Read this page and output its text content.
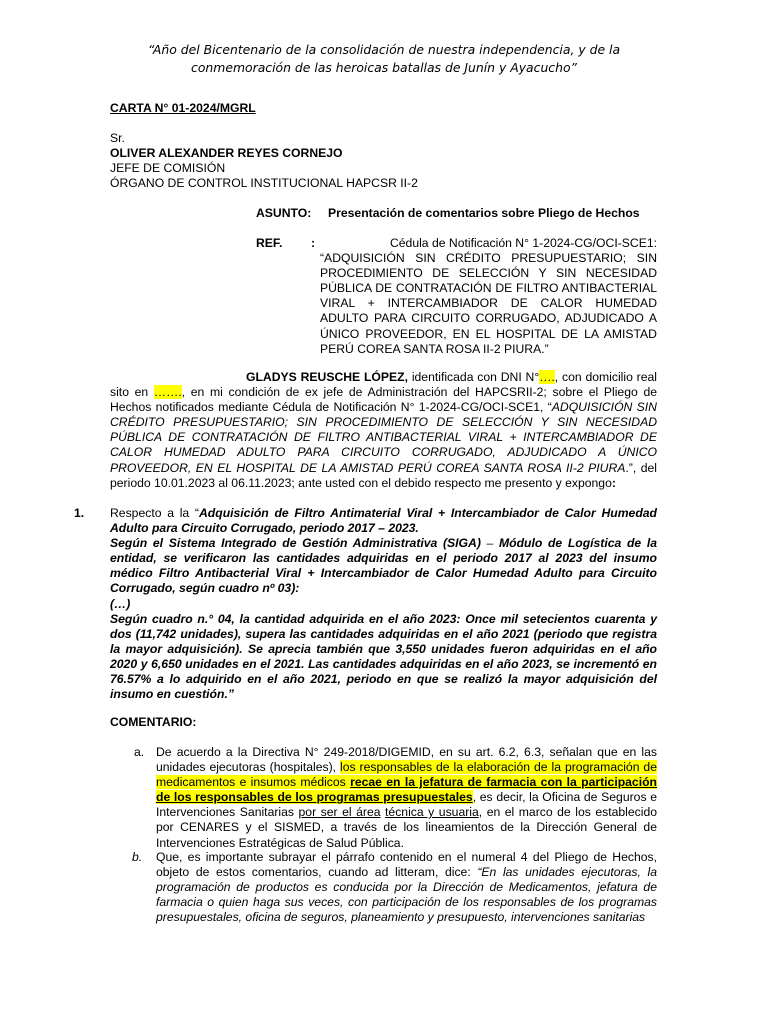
“Año del Bicentenario de la consolidación de nuestra independencia, y de la conmemoración de las heroicas batallas de Junín y Ayacucho”
CARTA N° 01-2024/MGRL
Sr.
OLIVER ALEXANDER REYES CORNEJO
JEFE DE COMISIÓN
ÓRGANO DE CONTROL INSTITUCIONAL HAPCSR II-2
ASUNTO: Presentación de comentarios sobre Pliego de Hechos
REF. :	Cédula de Notificación N° 1-2024-CG/OCI-SCE1:
“ADQUISICIÓN SIN CRÉDITO PRESUPUESTARIO; SIN
PROCEDIMIENTO DE SELECCIÓN Y SIN NECESIDAD
PÚBLICA DE CONTRATACIÓN DE FILTRO ANTIBACTERIAL
VIRAL + INTERCAMBIADOR DE CALOR HUMEDAD
ADULTO PARA CIRCUITO CORRUGADO, ADJUDICADO A
ÚNICO PROVEEDOR, EN EL HOSPITAL DE LA AMISTAD
PERÚ COREA SANTA ROSA II-2 PIURA.”

GLADYS REUSCHE LÓPEZ, identificada con DNI N°…., con domicilio real sito en ……., en mi condición de ex jefe de Administración del HAPCSRII-2; sobre el Pliego de Hechos notificados mediante Cédula de Notificación N° 1-2024-CG/OCI-SCE1, “ADQUISICIÓN SIN CRÉDITO PRESUPUESTARIO; SIN PROCEDIMIENTO DE SELECCIÓN Y SIN NECESIDAD PÚBLICA DE CONTRATACIÓN DE FILTRO ANTIBACTERIAL VIRAL + INTERCAMBIADOR DE CALOR HUMEDAD ADULTO PARA CIRCUITO CORRUGADO, ADJUDICADO A ÚNICO PROVEEDOR, EN EL HOSPITAL DE LA AMISTAD PERÚ COREA SANTA ROSA II-2 PIURA.”, del periodo 10.01.2023 al 06.11.2023; ante usted con el debido respecto me presento y expongo:

1. Respecto a la “Adquisición de Filtro Antimaterial Viral + Intercambiador de Calor Humedad Adulto para Circuito Corrugado, periodo 2017 – 2023.

Según el Sistema Integrado de Gestión Administrativa (SIGA) – Módulo de Logística de la entidad, se verificaron las cantidades adquiridas en el periodo 2017 al 2023 del insumo médico Filtro Antibacterial Viral + Intercambiador de Calor Humedad Adulto para Circuito Corrugado, según cuadro nº 03):

(…)

Según cuadro n.° 04, la cantidad adquirida en el año 2023: Once mil setecientos cuarenta y dos (11,742 unidades), supera las cantidades adquiridas en el año 2021 (periodo que registra la mayor adquisición). Se aprecia también que 3,550 unidades fueron adquiridas en el año 2020 y 6,650 unidades en el 2021. Las cantidades adquiridas en el año 2023, se incrementó en 76.57% a lo adquirido en el año 2021, periodo en que se realizó la mayor adquisición del insumo en cuestión.”

COMENTARIO:
a. De acuerdo a la Directiva N° 249-2018/DIGEMID, en su art. 6.2, 6.3, señalan que en las unidades ejecutoras (hospitales), los responsables de la elaboración de la programación de medicamentos e insumos médicos recae en la jefatura de farmacia con la participación de los responsables de los programas presupuestales, es decir, la Oficina de Seguros e Intervenciones Sanitarias por ser el área técnica y usuaria, en el marco de los establecido por CENARES y el SISMED, a través de los lineamientos de la Dirección General de Intervenciones Estratégicas de Salud Pública.
b. Que, es importante subrayar el párrafo contenido en el numeral 4 del Pliego de Hechos, objeto de estos comentarios, cuando ad litteram, dice: “En las unidades ejecutoras, la programación de productos es conducida por la Dirección de Medicamentos, jefatura de farmacia o quien haga sus veces, con participación de los responsables de los programas presupuestales, oficina de seguros, planeamiento y presupuesto, intervenciones sanitarias
